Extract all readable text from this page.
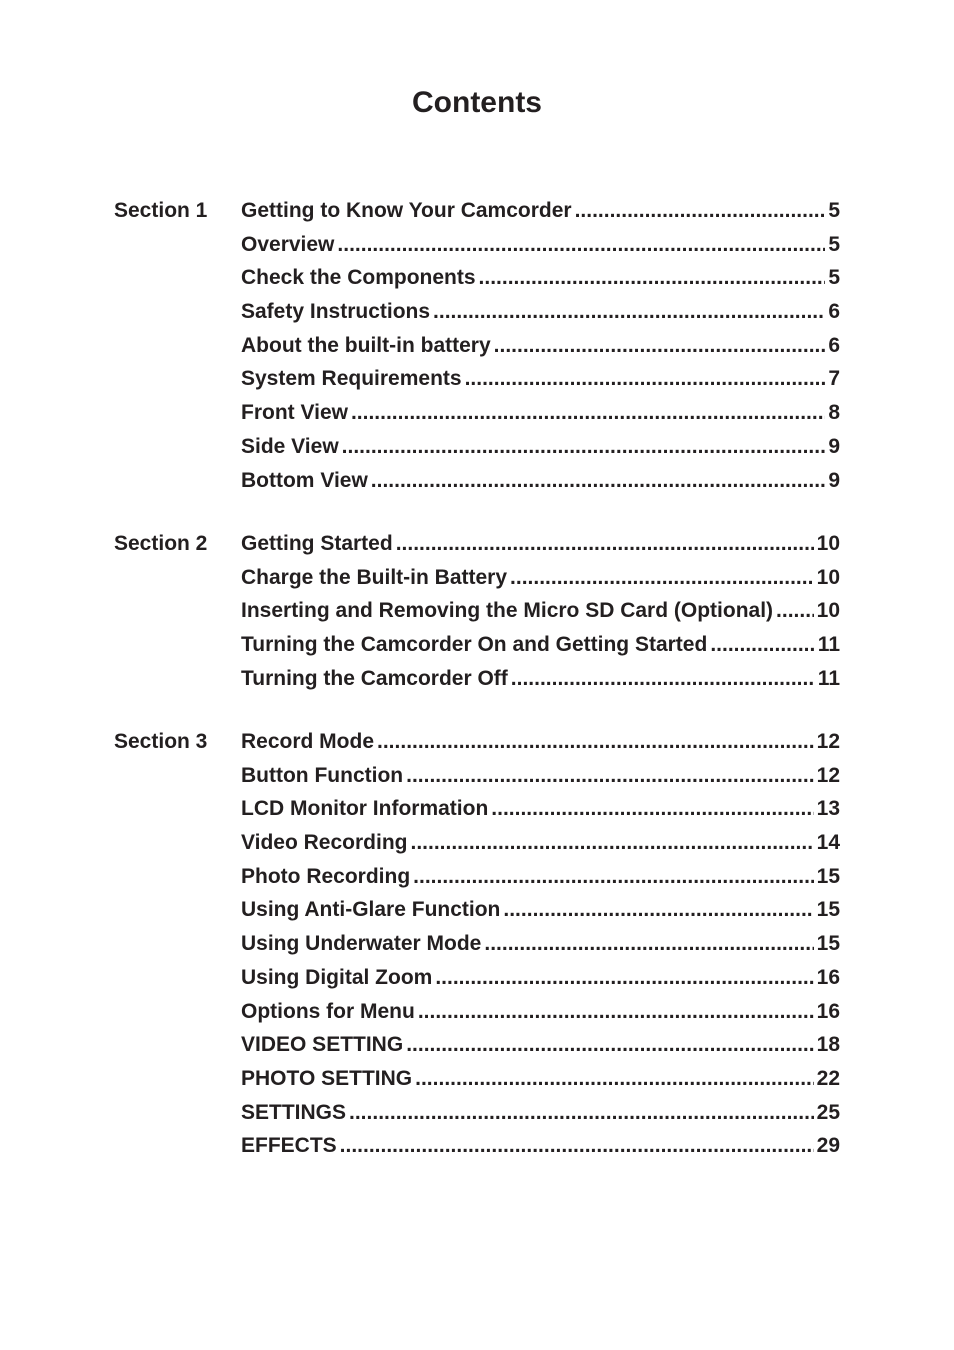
Contents
Section 1 Getting to Know Your Camcorder .....	5
Overview .....	5
Check the Components .....	5
Safety Instructions .....	6
About the built-in battery .....	6
System Requirements .....	7
Front View .....	8
Side View .....	9
Bottom View .....	9
Section 2 Getting Started .....	10
Charge the Built-in Battery .....	10
Inserting and Removing the Micro SD Card (Optional) ..... 10
Turning the Camcorder On and Getting Started .....	11
Turning the Camcorder Off .....	11
Section 3 Record Mode .....	12
Button Function .....	12
LCD Monitor Information .....	13
Video Recording .....	14
Photo Recording .....	15
Using Anti-Glare Function .....	15
Using Underwater Mode .....	15
Using Digital Zoom .....	16
Options for Menu .....	16
VIDEO SETTING .....	18
PHOTO SETTING .....	22
SETTINGS .....	25
EFFECTS .....	29
